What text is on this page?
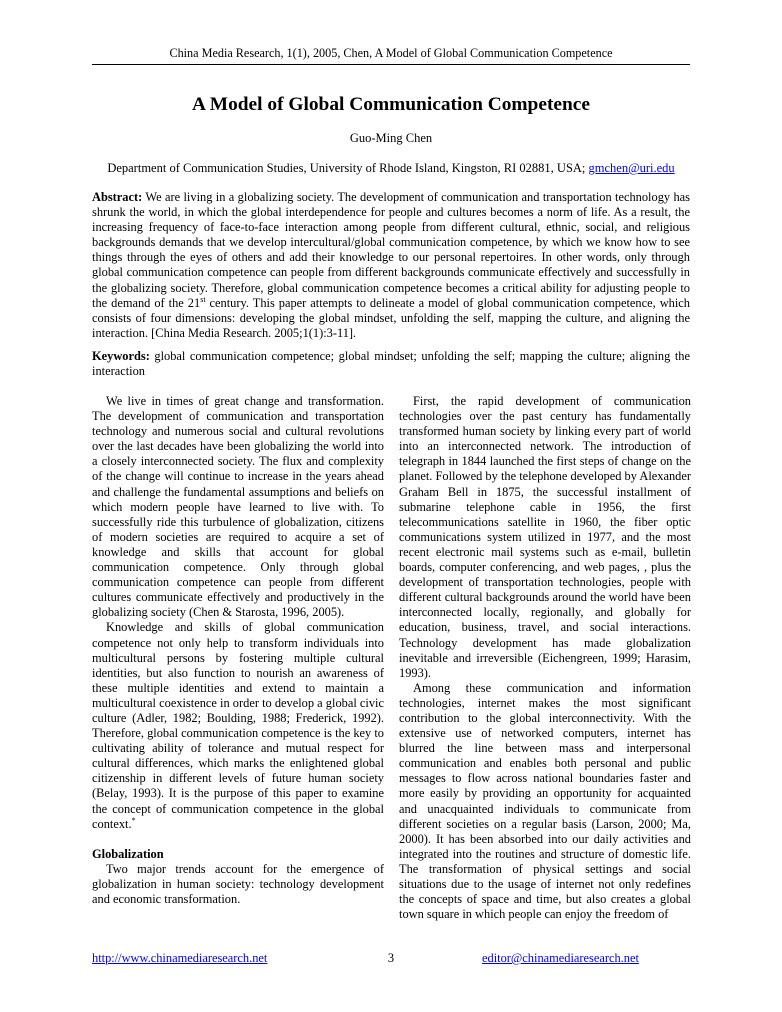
China Media Research, 1(1), 2005, Chen, A Model of Global Communication Competence
A Model of Global Communication Competence
Guo-Ming Chen
Department of Communication Studies, University of Rhode Island, Kingston, RI 02881, USA; gmchen@uri.edu
Abstract: We are living in a globalizing society. The development of communication and transportation technology has shrunk the world, in which the global interdependence for people and cultures becomes a norm of life. As a result, the increasing frequency of face-to-face interaction among people from different cultural, ethnic, social, and religious backgrounds demands that we develop intercultural/global communication competence, by which we know how to see things through the eyes of others and add their knowledge to our personal repertoires. In other words, only through global communication competence can people from different backgrounds communicate effectively and successfully in the globalizing society. Therefore, global communication competence becomes a critical ability for adjusting people to the demand of the 21st century. This paper attempts to delineate a model of global communication competence, which consists of four dimensions: developing the global mindset, unfolding the self, mapping the culture, and aligning the interaction. [China Media Research. 2005;1(1):3-11].
Keywords: global communication competence; global mindset; unfolding the self; mapping the culture; aligning the interaction

We live in times of great change and transformation. The development of communication and transportation technology and numerous social and cultural revolutions over the last decades have been globalizing the world into a closely interconnected society. The flux and complexity of the change will continue to increase in the years ahead and challenge the fundamental assumptions and beliefs on which modern people have learned to live with. To successfully ride this turbulence of globalization, citizens of modern societies are required to acquire a set of knowledge and skills that account for global communication competence. Only through global communication competence can people from different cultures communicate effectively and productively in the globalizing society (Chen & Starosta, 1996, 2005).

Knowledge and skills of global communication competence not only help to transform individuals into multicultural persons by fostering multiple cultural identities, but also function to nourish an awareness of these multiple identities and extend to maintain a multicultural coexistence in order to develop a global civic culture (Adler, 1982; Boulding, 1988; Frederick, 1992). Therefore, global communication competence is the key to cultivating ability of tolerance and mutual respect for cultural differences, which marks the enlightened global citizenship in different levels of future human society (Belay, 1993). It is the purpose of this paper to examine the concept of communication competence in the global context.*

Globalization

Two major trends account for the emergence of globalization in human society: technology development and economic transformation.

First, the rapid development of communication technologies over the past century has fundamentally transformed human society by linking every part of world into an interconnected network. The introduction of telegraph in 1844 launched the first steps of change on the planet. Followed by the telephone developed by Alexander Graham Bell in 1875, the successful installment of submarine telephone cable in 1956, the first telecommunications satellite in 1960, the fiber optic communications system utilized in 1977, and the most recent electronic mail systems such as e-mail, bulletin boards, computer conferencing, and web pages, , plus the development of transportation technologies, people with different cultural backgrounds around the world have been interconnected locally, regionally, and globally for education, business, travel, and social interactions. Technology development has made globalization inevitable and irreversible (Eichengreen, 1999; Harasim, 1993).

Among these communication and information technologies, internet makes the most significant contribution to the global interconnectivity. With the extensive use of networked computers, internet has blurred the line between mass and interpersonal communication and enables both personal and public messages to flow across national boundaries faster and more easily by providing an opportunity for acquainted and unacquainted individuals to communicate from different societies on a regular basis (Larson, 2000; Ma, 2000). It has been absorbed into our daily activities and integrated into the routines and structure of domestic life. The transformation of physical settings and social situations due to the usage of internet not only redefines the concepts of space and time, but also creates a global town square in which people can enjoy the freedom of

3
http://www.chinamediaresearch.net	editor@chinamediaresearch.net
